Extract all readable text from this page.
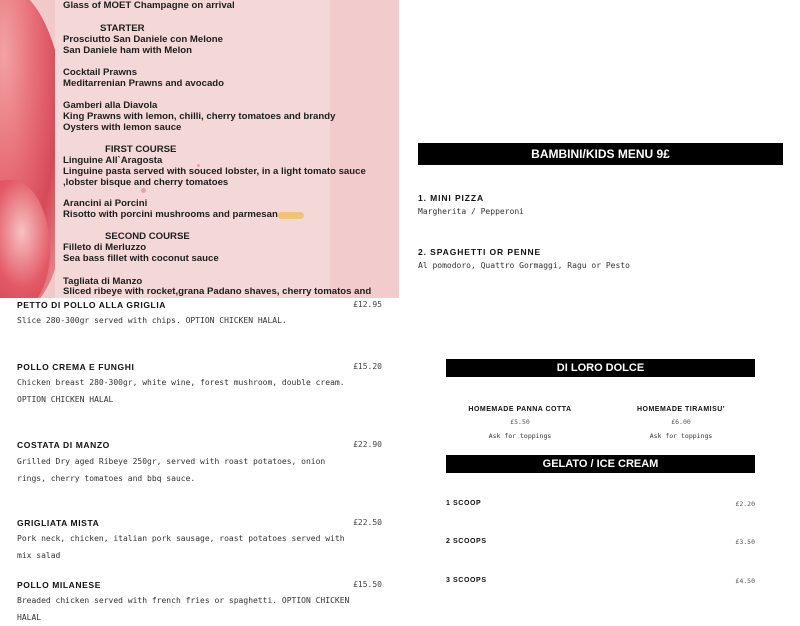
Glass of MOET Champagne on arrival
STARTER
Prosciutto San Daniele con Melone
San Daniele ham with Melon
Cocktail Prawns
Meditarrenian Prawns and avocado
Gamberi alla Diavola
King Prawns with lemon, chilli, cherry tomatoes and brandy
Oysters with lemon sauce
FIRST COURSE
Linguine All`Aragosta
Linguine pasta served with souced lobster, in a light tomato sauce
,lobster bisque and cherry tomatoes
Arancini ai Porcini
Risotto with porcini mushrooms and parmesan
SECOND COURSE
Filleto di Merluzzo
Sea bass fillet with coconut sauce
Tagliata di Manzo
Sliced ribeye with rocket,grana Padano shaves, cherry tomatos and
PETTO DI POLLO ALLA GRIGLIA	£12.95
Slice 280-300gr served with chips. OPTION CHICKEN HALAL.
POLLO CREMA E FUNGHI	£15.20
Chicken breast 280-300gr, white wine, forest mushroom, double cream. OPTION CHICKEN HALAL
COSTATA DI MANZO	£22.90
Grilled Dry aged Ribeye 250gr, served with roast potatoes, onion rings, cherry tomatoes and bbq sauce.
GRIGLIATA MISTA	£22.50
Pork neck, chicken, italian pork sausage, roast potatoes served with mix salad
POLLO MILANESE	£15.50
Breaded chicken served with french fries or spaghetti. OPTION CHICKEN HALAL
BAMBINI/KIDS MENU 9£
1. MINI PIZZA
Margherita / Pepperoni
2. SPAGHETTI OR PENNE
Al pomodoro, Quattro Gormaggi, Ragu or Pesto
DI LORO DOLCE
HOMEMADE PANNA COTTA
£5.50
Ask for toppings
HOMEMADE TIRAMISU'
£6.00
Ask for toppings
GELATO / ICE CREAM
1 SCOOP	£2.20
2 SCOOPS	£3.50
3 SCOOPS	£4.50
